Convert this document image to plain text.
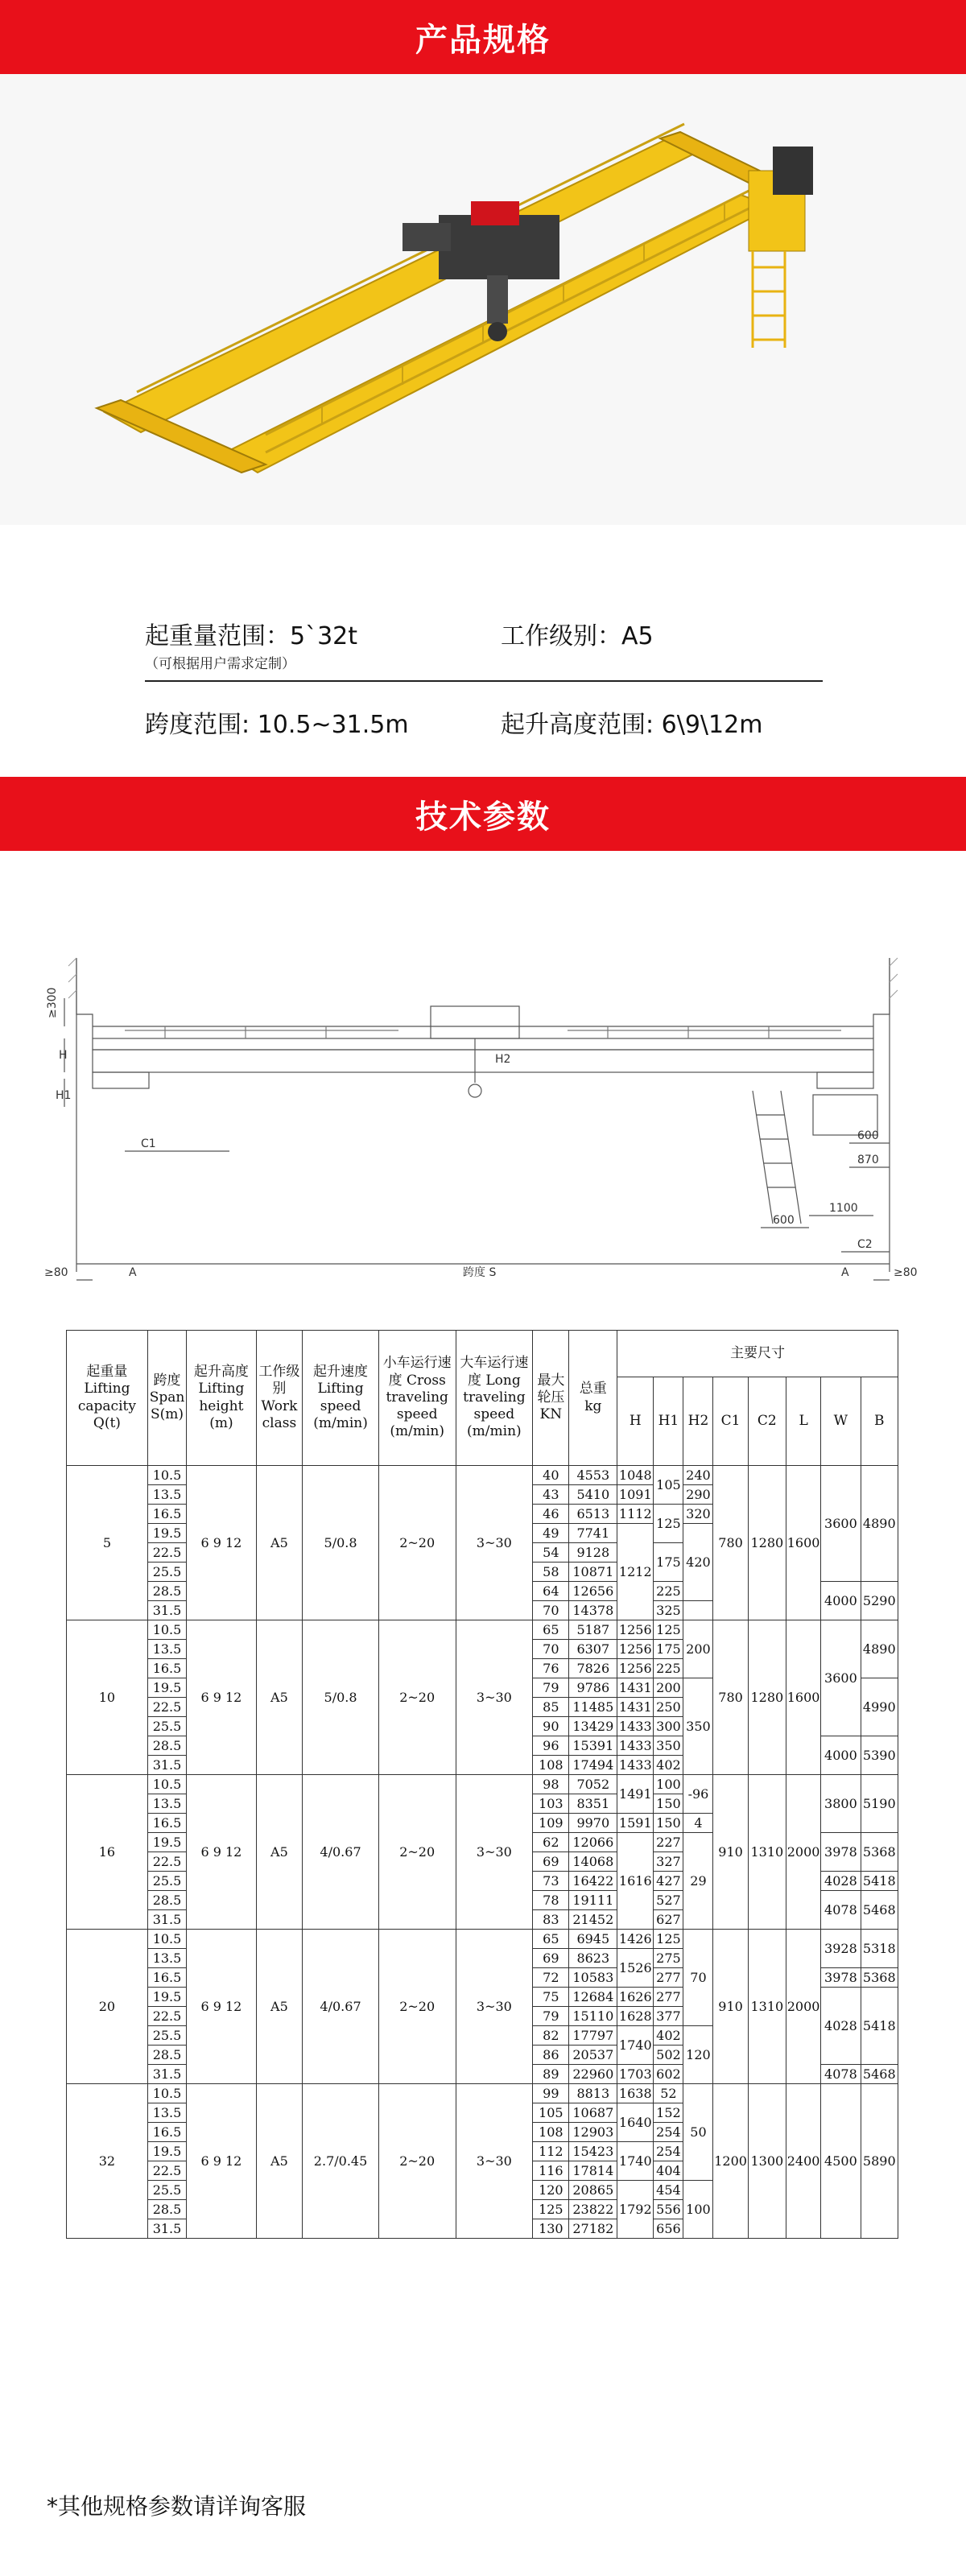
产品规格
起重量范围：5`32t
（可根据用户需求定制）
工作级别：A5
跨度范围: 10.5~31.5m	起升高度范围: 6\9\12m
技术参数
≥300
H
H1
H2
C1
C2
600
870
600
1100
≥80	≥80
A	A
跨度 S
起重量 Lifting capacity Q(t)	跨度 Span S(m)	起升高度 Lifting height (m)	工作级别 Work class	起升速度 Lifting speed (m/min)	小车运行速度 Cross traveling speed (m/min)	大车运行速度 Long traveling speed (m/min)	最大轮压 KN	总重 kg	主要尺寸							
									H	H1	H2	C1	C2	L	W	B
5	10.5	6 9 12	A5	5/0.8	2~20	3~30	40	4553	1048	105	240	780	1280	1600	3600	4890
	13.5						43	5410	1091		290					
	16.5						46	6513	1112	125	320					
	19.5						49	7741	1212		420					
	22.5						54	9128		175						
	25.5						58	10871								
	28.5						64	12656		225					4000	5290
	31.5						70	14378		325						
10	10.5	6 9 12	A5	5/0.8	2~20	3~30	65	5187	1256	125	200	780	1280	1600	3600	4890
	13.5						70	6307	1256	175						
	16.5						76	7826	1256	225						
	19.5						79	9786	1431	200	350					4990
	22.5						85	11485	1431	250						
	25.5						90	13429	1433	300						
	28.5						96	15391	1433	350					4000	5390
	31.5						108	17494	1433	402						
16	10.5	6 9 12	A5	4/0.67	2~20	3~30	98	7052	1491	100	-96	910	1310	2000	3800	5190
	13.5						103	8351		150						
	16.5						109	9970	1591	150	4					
	19.5						62	12066	1616	227	29				3978	5368
	22.5						69	14068		327						
	25.5						73	16422		427					4028	5418
	28.5						78	19111		527					4078	5468
	31.5						83	21452		627						
20	10.5	6 9 12	A5	4/0.67	2~20	3~30	65	6945	1426	125	70	910	1310	2000	3928	5318
	13.5						69	8623	1526	275						
	16.5						72	10583		277					3978	5368
	19.5						75	12684	1626	277					4028	5418
	22.5						79	15110	1628	377						
	25.5						82	17797	1740	402	120					
	28.5						86	20537		502						
	31.5						89	22960	1703	602					4078	5468
32	10.5	6 9 12	A5	2.7/0.45	2~20	3~30	99	8813	1638	52	50	1200	1300	2400	4500	5890
	13.5						105	10687	1640	152						
	16.5						108	12903		254						
	19.5						112	15423	1740	254						
	22.5						116	17814		404						
	25.5						120	20865	1792	454	100					
	28.5						125	23822		556						
	31.5						130	27182		656						
*其他规格参数请详询客服
